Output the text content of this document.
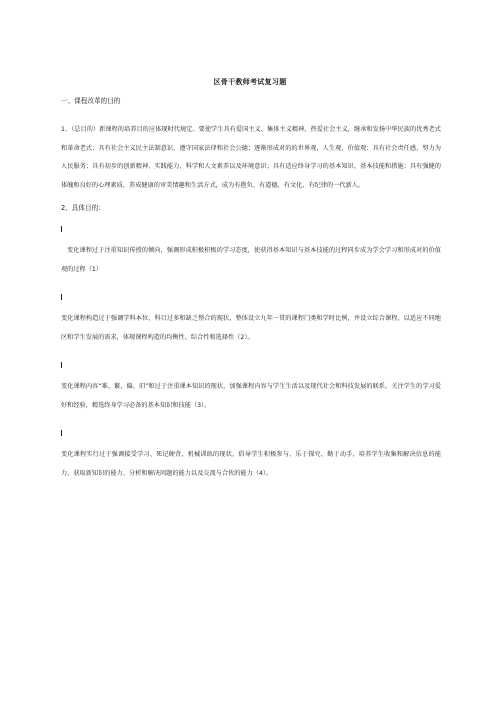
区骨干教师考试复习题
一、课程改革的目的
1、（总目的）新课程的培养目的应体现时代规定。要使学生具有爱国主义、集体主义精神，热爱社会主义，继承和发扬中华民族的优秀老式和革命老式；具有社会主义民主法制意识，遵守国家法律和社会公德；逐渐形成对的的世界观、人生观、价值观；具有社会责任感，努力为人民服务；具有初步的创新精神、实践能力、科学和人文素养以及环境意识；具有适应终身学习的基本知识、基本技能和措施；具有强健的体魄和良好的心理素质，养成健康的审美情趣和生活方式，成为有抱负、有道德、有文化、有纪律的一代新人。
2、具体目的：
变化课程过于注重知识传授的倾向，强调形成积极积极的学习态度，使获得基本知识与基本技能的过程同步成为学会学习和形成对的价值观的过程（1）
变化课程构造过于强调学科本位、科目过多和缺乏整合的现状，整体设立九年一贯的课程门类和学时比例，并设立综合课程，以适应不同地区和学生发展的需求，体现课程构造的均衡性、综合性和选择性（2）。
变化课程内容“难、繁、偏、旧”和过于注重课本知识的现状，加强课程内容与学生生活以及现代社会和科技发展的联系，关注学生的学习爱好和经验，精选终身学习必备的基本知识和技能（3）。
变化课程实行过于强调接受学习、死记硬背、机械训练的现状，倡导学生积极参与、乐于探究、勤于动手，培养学生收集和解决信息的能力、获取新知识的能力、分析和解决问题的能力以及交流与合伙的能力（4）。
